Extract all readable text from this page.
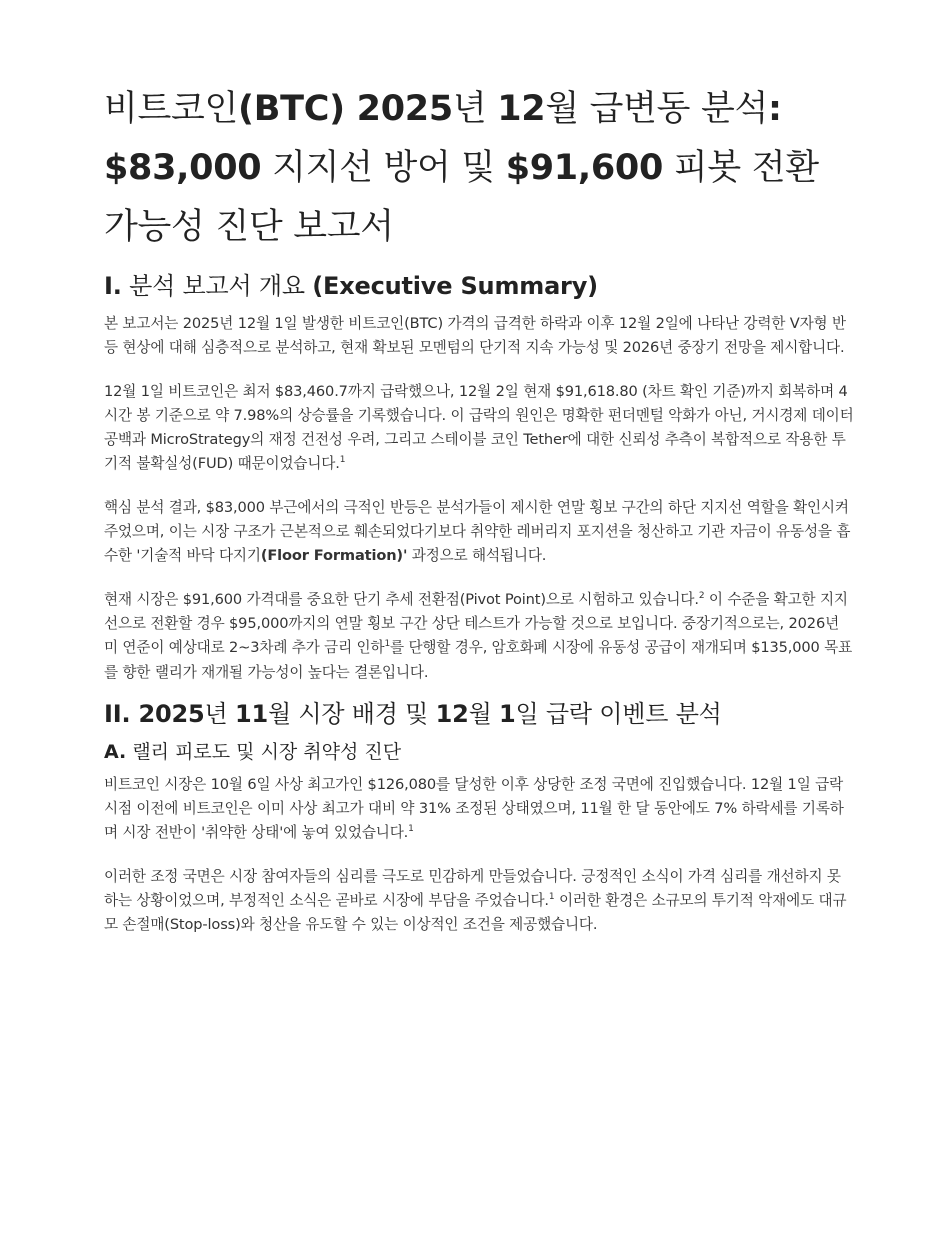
비트코인(BTC) 2025년 12월 급변동 분석:
$83,000 지지선 방어 및 $91,600 피봇 전환
가능성 진단 보고서
I. 분석 보고서 개요 (Executive Summary)

본 보고서는 2025년 12월 1일 발생한 비트코인(BTC) 가격의 급격한 하락과 이후 12월 2일에 나타난 강력한 V자형 반등 현상에 대해 심층적으로 분석하고, 현재 확보된 모멘텀의 단기적 지속 가능성 및 2026년 중장기 전망을 제시합니다.

12월 1일 비트코인은 최저 $83,460.7까지 급락했으나, 12월 2일 현재 $91,618.80 (차트 확인 기준)까지 회복하며 4시간 봉 기준으로 약 7.98%의 상승률을 기록했습니다. 이 급락의 원인은 명확한 펀더멘털 악화가 아닌, 거시경제 데이터 공백과 MicroStrategy의 재정 건전성 우려, 그리고 스테이블 코인 Tether에 대한 신뢰성 추측이 복합적으로 작용한 투기적 불확실성(FUD) 때문이었습니다.$^1$

핵심 분석 결과, $83,000 부근에서의 극적인 반등은 분석가들이 제시한 연말 횡보 구간의 하단 지지선 역할을 확인시켜주었으며, 이는 시장 구조가 근본적으로 훼손되었다기보다 취약한 레버리지 포지션을 청산하고 기관 자금이 유동성을 흡수한 '기술적 바닥 다지기(Floor Formation)' 과정으로 해석됩니다.

현재 시장은 $91,600 가격대를 중요한 단기 추세 전환점(Pivot Point)으로 시험하고 있습니다.$^2$ 이 수준을 확고한 지지선으로 전환할 경우 $95,000까지의 연말 횡보 구간 상단 테스트가 가능할 것으로 보입니다. 중장기적으로는, 2026년 미 연준이 예상대로 2~3차례 추가 금리 인하$^1$를 단행할 경우, 암호화폐 시장에 유동성 공급이 재개되며 $135,000 목표를 향한 랠리가 재개될 가능성이 높다는 결론입니다.

II. 2025년 11월 시장 배경 및 12월 1일 급락 이벤트 분석
A. 랠리 피로도 및 시장 취약성 진단

비트코인 시장은 10월 6일 사상 최고가인 $126,080를 달성한 이후 상당한 조정 국면에 진입했습니다. 12월 1일 급락 시점 이전에 비트코인은 이미 사상 최고가 대비 약 31% 조정된 상태였으며, 11월 한 달 동안에도 7% 하락세를 기록하며 시장 전반이 '취약한 상태'에 놓여 있었습니다.$^1$

이러한 조정 국면은 시장 참여자들의 심리를 극도로 민감하게 만들었습니다. 긍정적인 소식이 가격 심리를 개선하지 못하는 상황이었으며, 부정적인 소식은 곧바로 시장에 부담을 주었습니다.$^1$ 이러한 환경은 소규모의 투기적 악재에도 대규모 손절매(Stop-loss)와 청산을 유도할 수 있는 이상적인 조건을 제공했습니다.
